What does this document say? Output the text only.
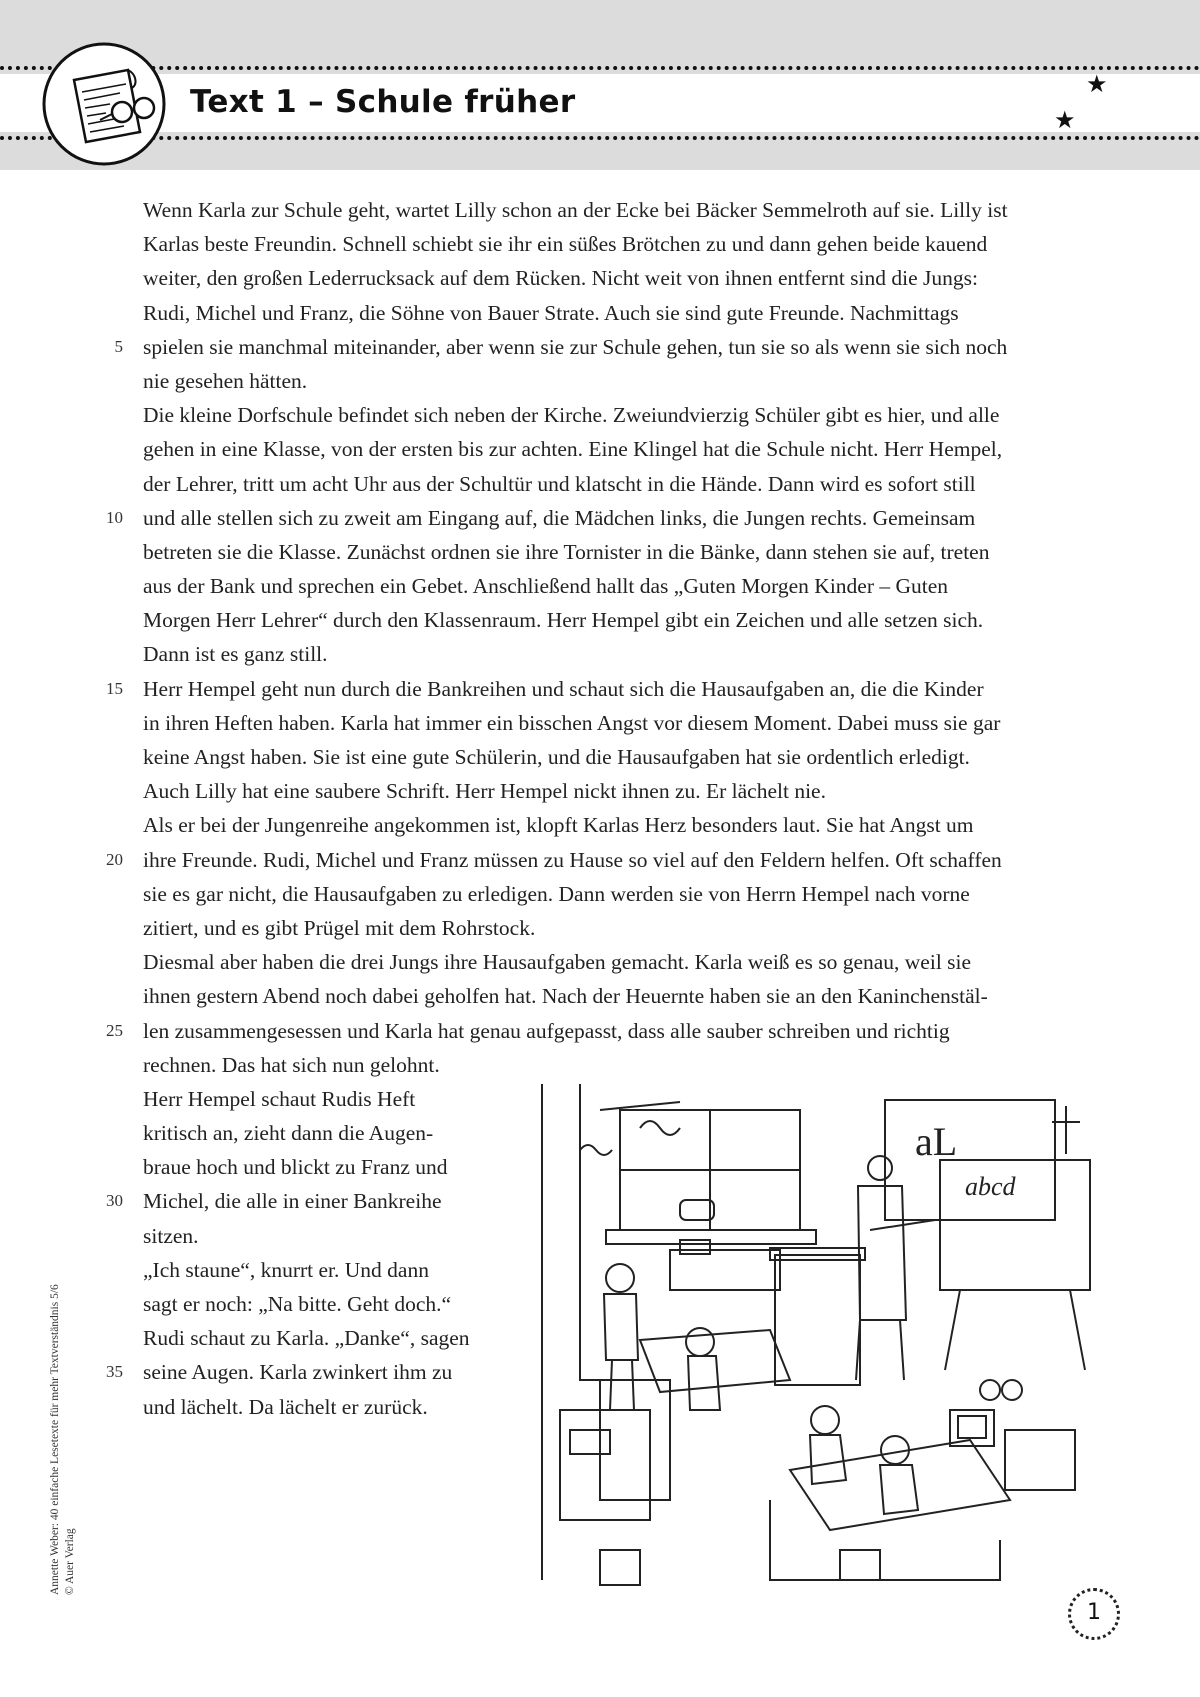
Text 1 – Schule früher	★
★
Wenn Karla zur Schule geht, wartet Lilly schon an der Ecke bei Bäcker Semmelroth auf sie. Lilly ist
Karlas beste Freundin. Schnell schiebt sie ihr ein süßes Brötchen zu und dann gehen beide kauend
weiter, den großen Lederrucksack auf dem Rücken. Nicht weit von ihnen entfernt sind die Jungs:
Rudi, Michel und Franz, die Söhne von Bauer Strate. Auch sie sind gute Freunde. Nachmittags
5 spielen sie manchmal miteinander, aber wenn sie zur Schule gehen, tun sie so als wenn sie sich noch
nie gesehen hätten.
Die kleine Dorfschule befindet sich neben der Kirche. Zweiundvierzig Schüler gibt es hier, und alle
gehen in eine Klasse, von der ersten bis zur achten. Eine Klingel hat die Schule nicht. Herr Hempel,
der Lehrer, tritt um acht Uhr aus der Schultür und klatscht in die Hände. Dann wird es sofort still
10 und alle stellen sich zu zweit am Eingang auf, die Mädchen links, die Jungen rechts. Gemeinsam
betreten sie die Klasse. Zunächst ordnen sie ihre Tornister in die Bänke, dann stehen sie auf, treten
aus der Bank und sprechen ein Gebet. Anschließend hallt das „Guten Morgen Kinder – Guten
Morgen Herr Lehrer“ durch den Klassenraum. Herr Hempel gibt ein Zeichen und alle setzen sich.
Dann ist es ganz still.
15 Herr Hempel geht nun durch die Bankreihen und schaut sich die Hausaufgaben an, die die Kinder
in ihren Heften haben. Karla hat immer ein bisschen Angst vor diesem Moment. Dabei muss sie gar
keine Angst haben. Sie ist eine gute Schülerin, und die Hausaufgaben hat sie ordentlich erledigt.
Auch Lilly hat eine saubere Schrift. Herr Hempel nickt ihnen zu. Er lächelt nie.
Als er bei der Jungenreihe angekommen ist, klopft Karlas Herz besonders laut. Sie hat Angst um
20 ihre Freunde. Rudi, Michel und Franz müssen zu Hause so viel auf den Feldern helfen. Oft schaffen
sie es gar nicht, die Hausaufgaben zu erledigen. Dann werden sie von Herrn Hempel nach vorne
zitiert, und es gibt Prügel mit dem Rohrstock.
Diesmal aber haben die drei Jungs ihre Hausaufgaben gemacht. Karla weiß es so genau, weil sie
ihnen gestern Abend noch dabei geholfen hat. Nach der Heuernte haben sie an den Kaninchenstäl-
25 len zusammengesessen und Karla hat genau aufgepasst, dass alle sauber schreiben und richtig
rechnen. Das hat sich nun gelohnt.
Herr Hempel schaut Rudis Heft
kritisch an, zieht dann die Augen-
braue hoch und blickt zu Franz und
30 Michel, die alle in einer Bankreihe
sitzen.
„Ich staune“, knurrt er. Und dann
sagt er noch: „Na bitte. Geht doch.“
Rudi schaut zu Karla. „Danke“, sagen
35 seine Augen. Karla zwinkert ihm zu
und lächelt. Da lächelt er zurück.
aL
abcd
Annette Weber: 40 einfache Lesetexte für mehr Textverständnis 5/6 © Auer Verlag
1
